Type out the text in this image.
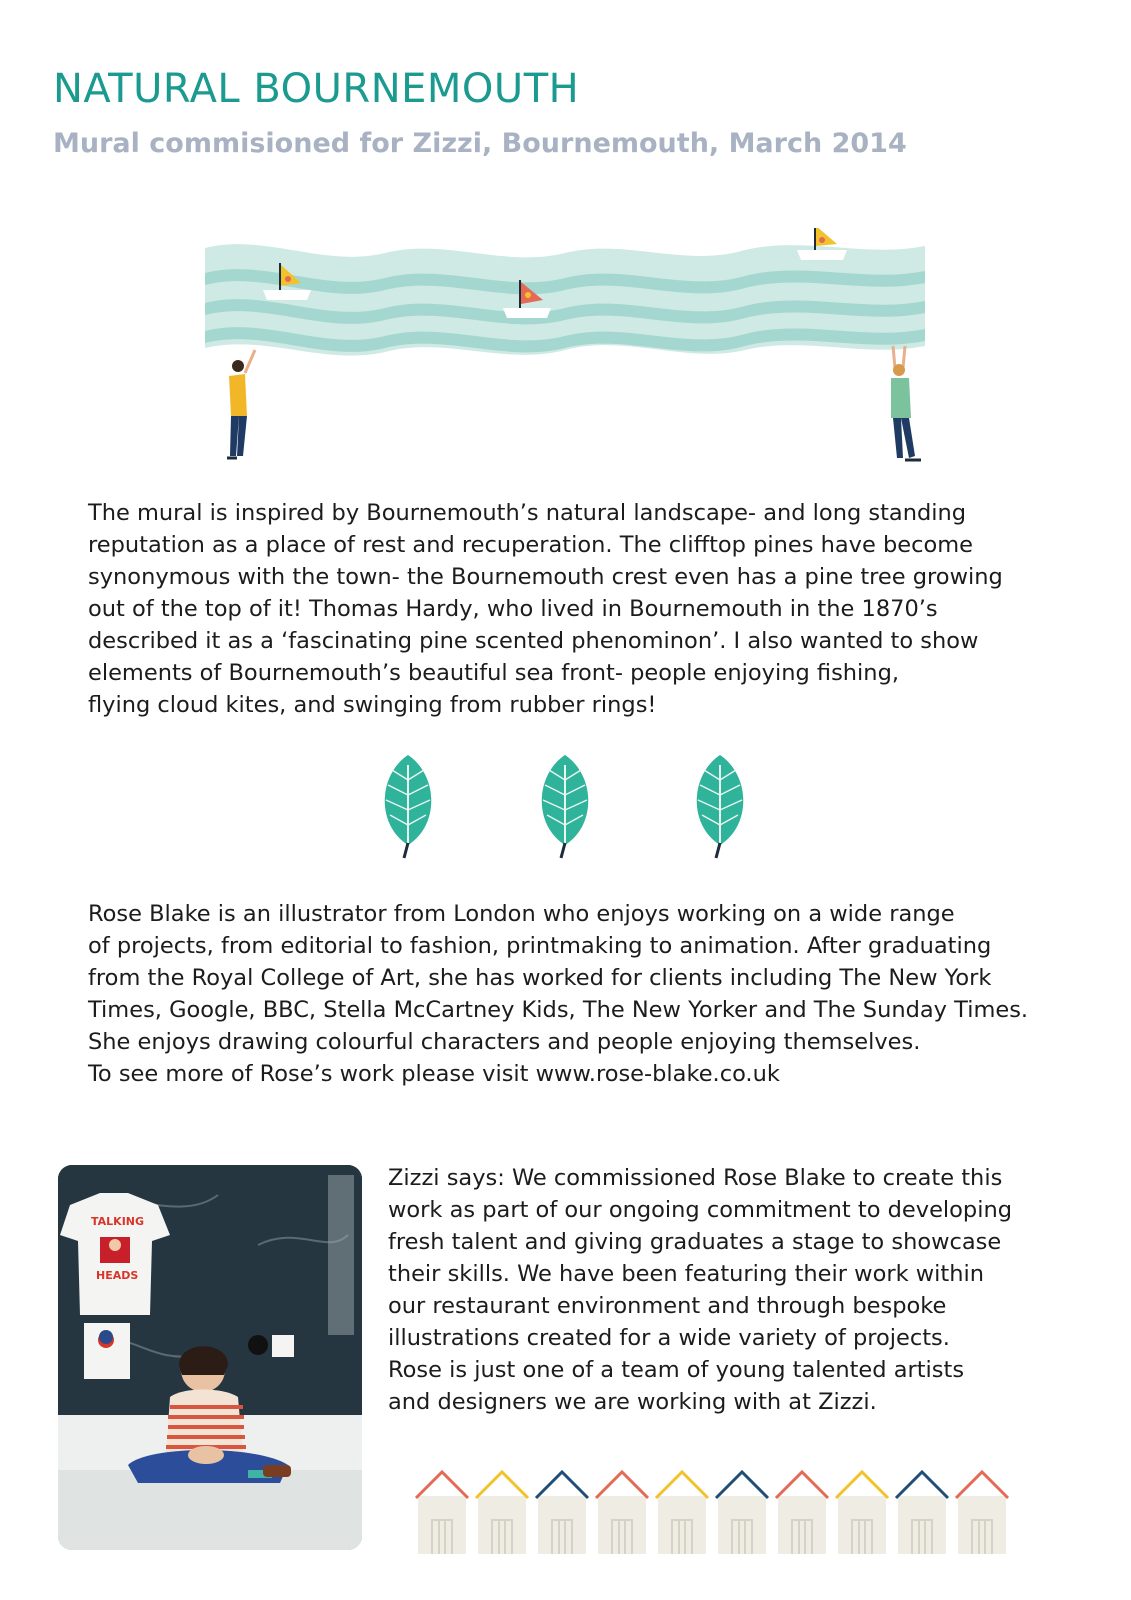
NATURAL BOURNEMOUTH
Mural commisioned for Zizzi, Bournemouth, March 2014

The mural is inspired by Bournemouth’s natural landscape- and long standing
reputation as a place of rest and recuperation. The clifftop pines have become
synonymous with the town- the Bournemouth crest even has a pine tree growing
out of the top of it! Thomas Hardy, who lived in Bournemouth in the 1870’s
described it as a ‘fascinating pine scented phenominon’. I also wanted to show
elements of Bournemouth’s beautiful sea front- people enjoying fishing,
flying cloud kites, and swinging from rubber rings!

Rose Blake is an illustrator from London who enjoys working on a wide range
of projects, from editorial to fashion, printmaking to animation. After graduating
from the Royal College of Art, she has worked for clients including The New York
Times, Google, BBC, Stella McCartney Kids, The New Yorker and The Sunday Times.
She enjoys drawing colourful characters and people enjoying themselves.
To see more of Rose’s work please visit www.rose-blake.co.uk

TALKING
HEADS

Zizzi says: We commissioned Rose Blake to create this
work as part of our ongoing commitment to developing
fresh talent and giving graduates a stage to showcase
their skills. We have been featuring their work within
our restaurant environment and through bespoke
illustrations created for a wide variety of projects.
Rose is just one of a team of young talented artists
and designers we are working with at Zizzi.
